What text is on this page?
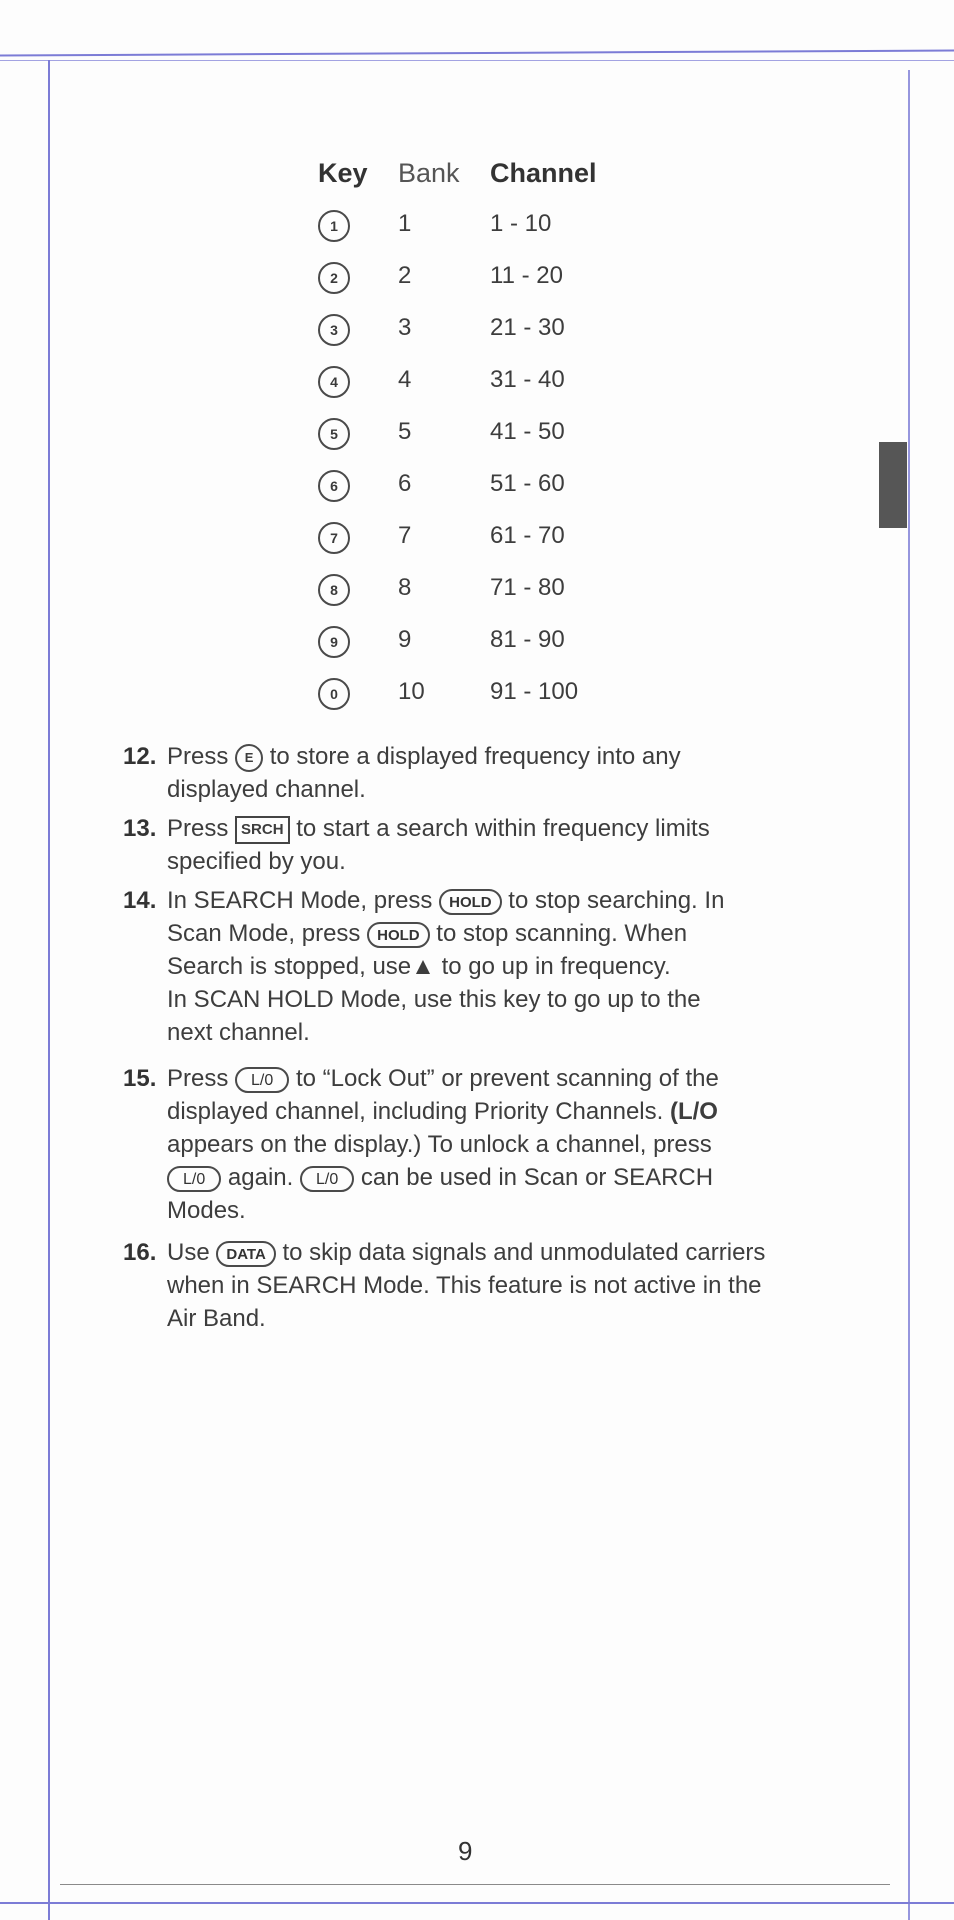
Key Bank Channel
1	1	1 - 10
2	2	11 - 20
3	3	21 - 30
4	4	31 - 40
5	5	41 - 50
6	6	51 - 60
7	7	61 - 70
8	8	71 - 80
9	9	81 - 90
0	10	91 - 100
12. Press E to store a displayed frequency into any
displayed channel.
13. Press SRCH to start a search within frequency limits
specified by you.
14. In SEARCH Mode, press HOLD to stop searching. In
Scan Mode, press HOLD to stop scanning. When
Search is stopped, use▲ to go up in frequency.
In SCAN HOLD Mode, use this key to go up to the
next channel.
15. Press L/0 to “Lock Out” or prevent scanning of the
displayed channel, including Priority Channels. (L/O
appears on the display.) To unlock a channel, press
L/0 again. L/0 can be used in Scan or SEARCH
Modes.
16. Use DATA to skip data signals and unmodulated carriers
when in SEARCH Mode. This feature is not active in the
Air Band.
9
